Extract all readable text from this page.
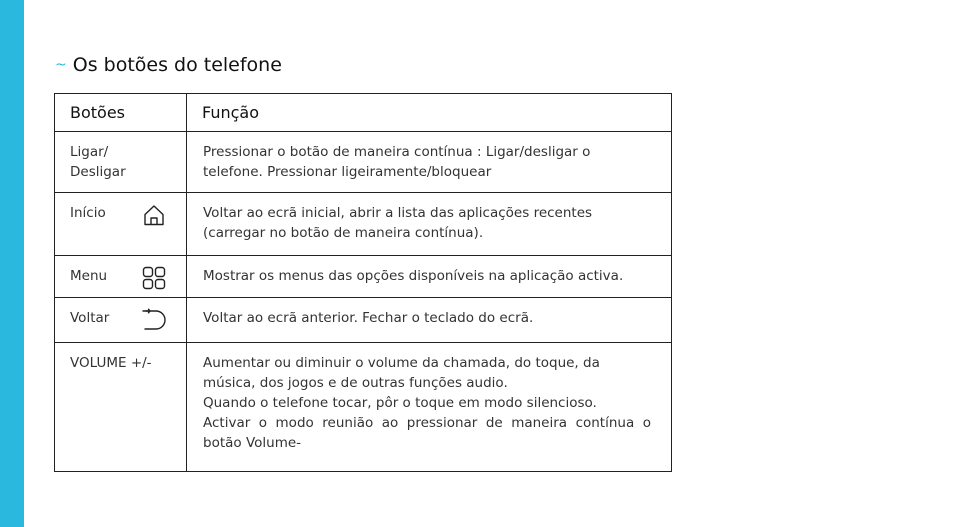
~ Os botões do telefone
Botões	Função

Ligar/ Desligar	Pressionar o botão de maneira contínua : Ligar/desligar o telefone. Pressionar ligeiramente/bloquear

Início	Voltar ao ecrã inicial, abrir a lista das aplicações recentes (carregar no botão de maneira contínua).

Menu	Mostrar os menus das opções disponíveis na aplicação activa.

Voltar	Voltar ao ecrã anterior. Fechar o teclado do ecrã.

VOLUME +/-	Aumentar ou diminuir o volume da chamada, do toque, da música, dos jogos e de outras funções audio.
Quando o telefone tocar, pôr o toque em modo silencioso.
Activar o modo reunião ao pressionar de maneira contínua o botão Volume-
